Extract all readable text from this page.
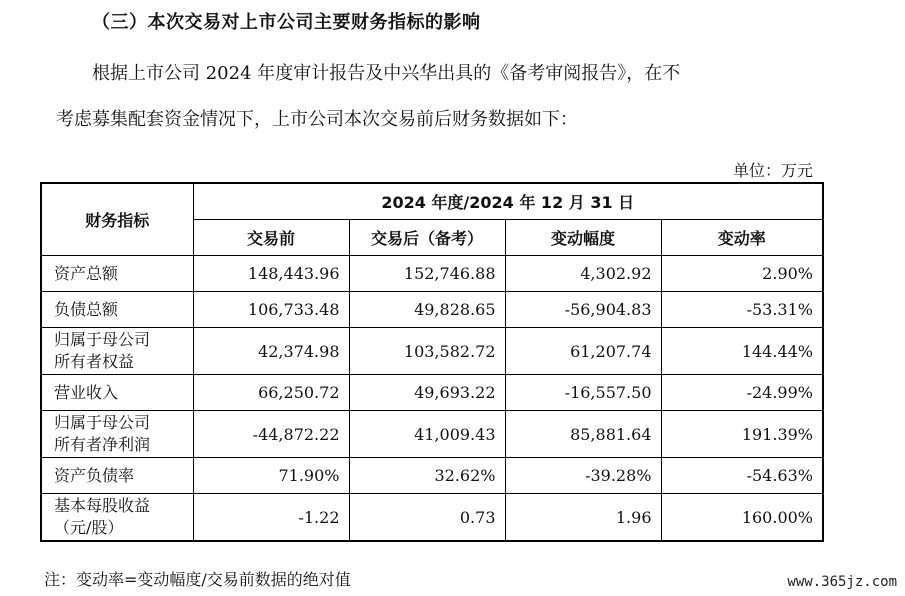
（三）本次交易对上市公司主要财务指标的影响
根据上市公司 2024 年度审计报告及中兴华出具的《备考审阅报告》，在不
考虑募集配套资金情况下，上市公司本次交易前后财务数据如下：
单位：万元
财务指标	2024 年度/2024 年 12 月 31 日			
	交易前	交易后（备考）	变动幅度	变动率
资产总额	148,443.96	152,746.88	4,302.92	2.90%
负债总额	106,733.48	49,828.65	-56,904.83	-53.31%
归属于母公司
所有者权益	42,374.98	103,582.72	61,207.74	144.44%
营业收入	66,250.72	49,693.22	-16,557.50	-24.99%
归属于母公司
所有者净利润	-44,872.22	41,009.43	85,881.64	191.39%
资产负债率	71.90%	32.62%	-39.28%	-54.63%
基本每股收益
（元/股）	-1.22	0.73	1.96	160.00%
注：变动率=变动幅度/交易前数据的绝对值	www.365jz.com
